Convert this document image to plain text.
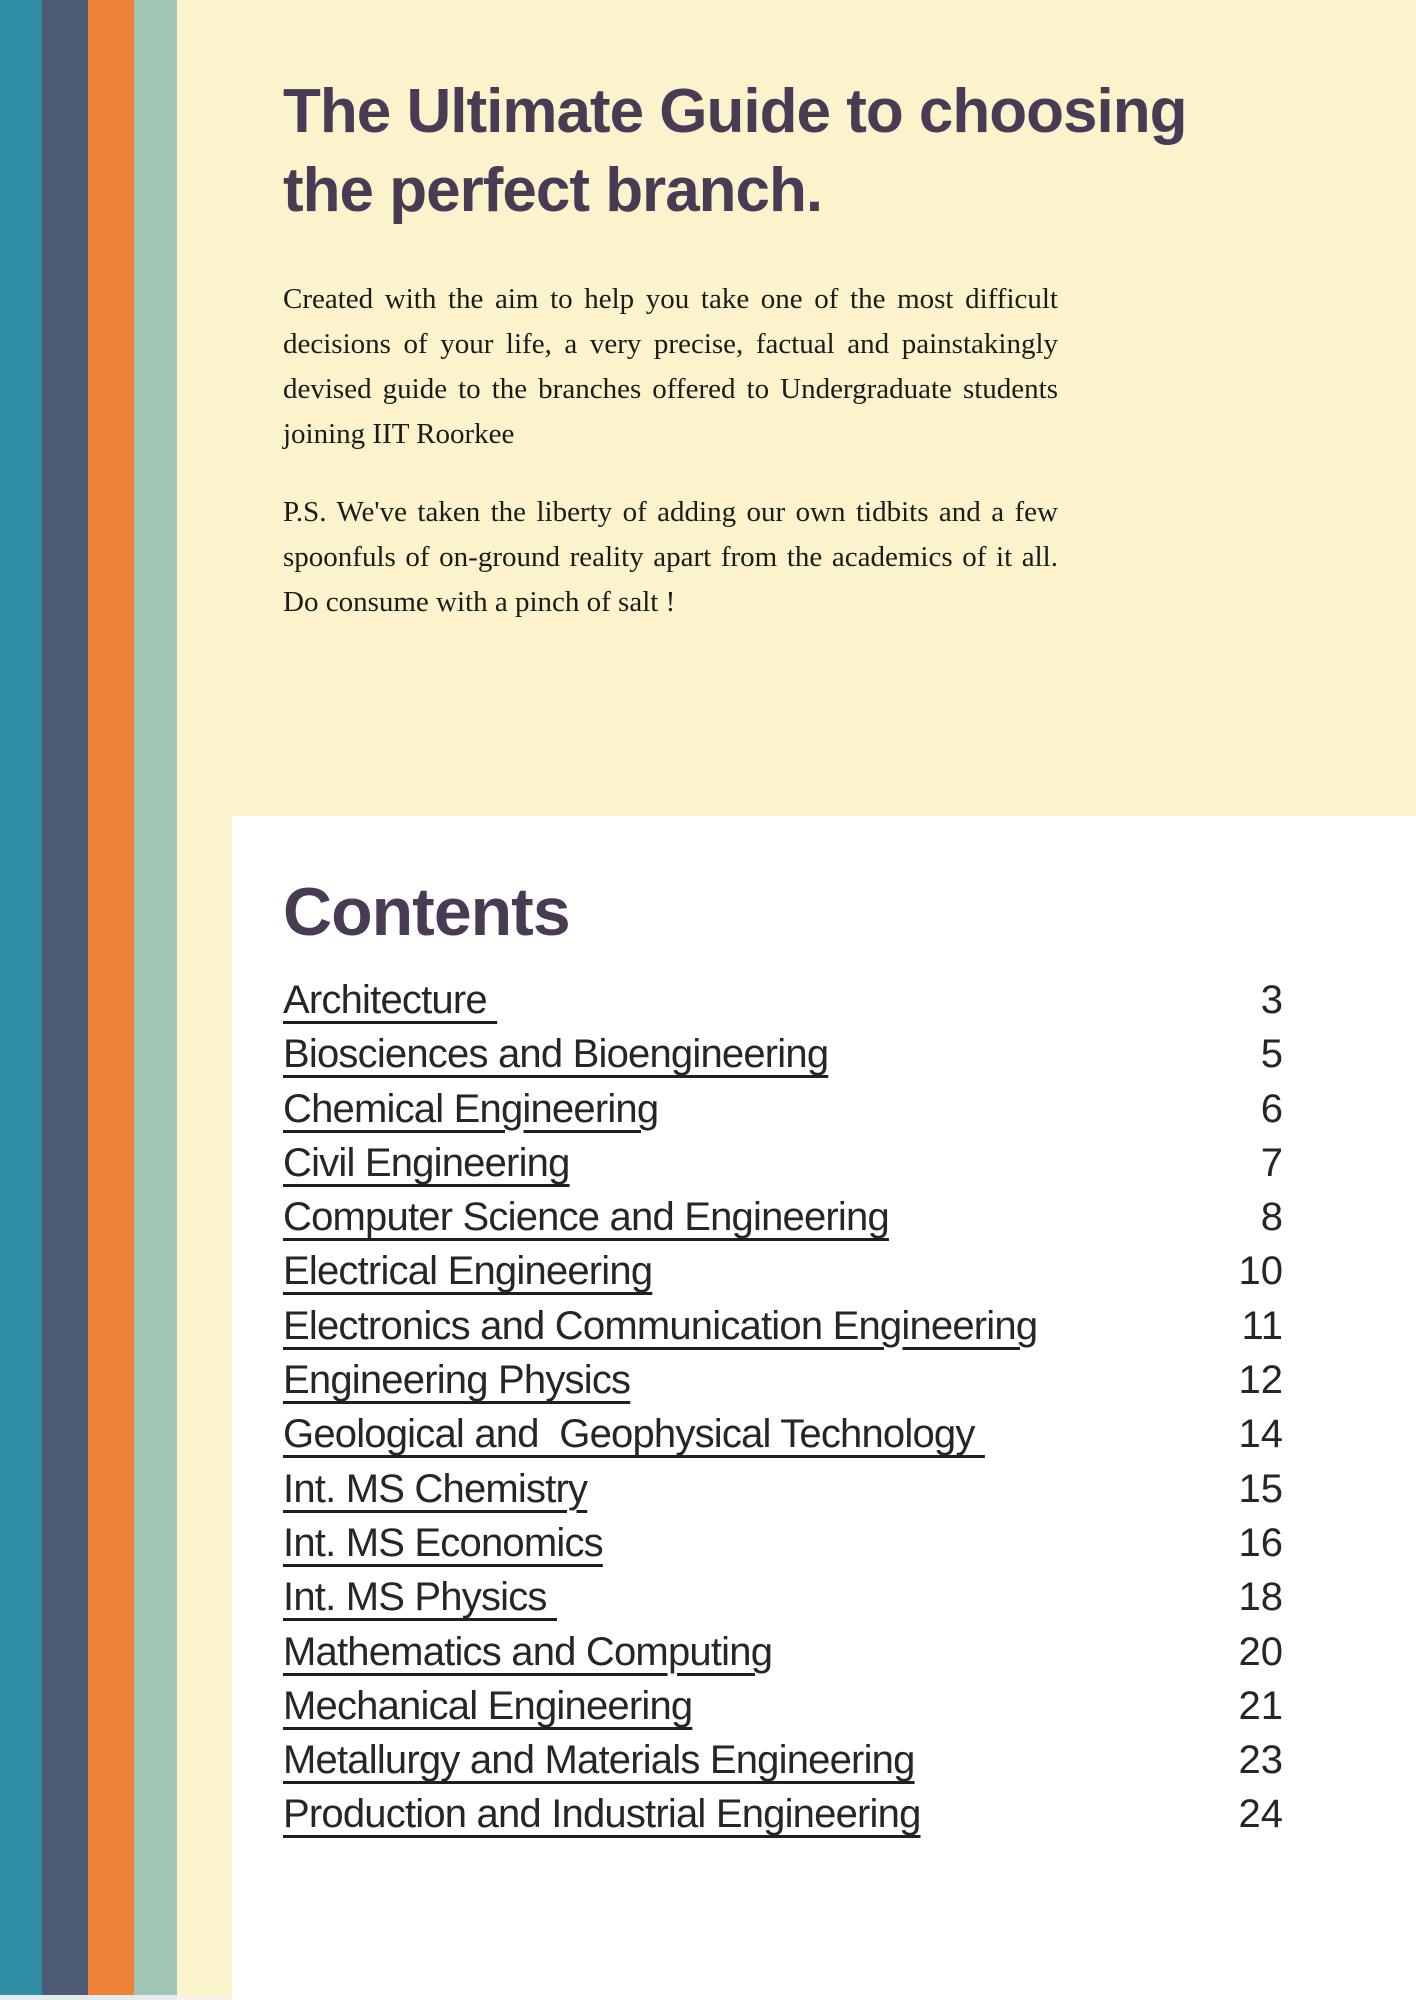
The Ultimate Guide to choosing the perfect branch.

Created with the aim to help you take one of the most difficult decisions of your life, a very precise, factual and painstakingly devised guide to the branches offered to Undergraduate students joining IIT Roorkee

P.S. We've taken the liberty of adding our own tidbits and a few spoonfuls of on-ground reality apart from the academics of it all. Do consume with a pinch of salt !

Contents
Architecture	3
Biosciences and Bioengineering	5
Chemical Engineering	6
Civil Engineering	7
Computer Science and Engineering	8
Electrical Engineering	10
Electronics and Communication Engineering	11
Engineering Physics	12
Geological and  Geophysical Technology	14
Int. MS Chemistry	15
Int. MS Economics	16
Int. MS Physics	18
Mathematics and Computing	20
Mechanical Engineering	21
Metallurgy and Materials Engineering	23
Production and Industrial Engineering	24
